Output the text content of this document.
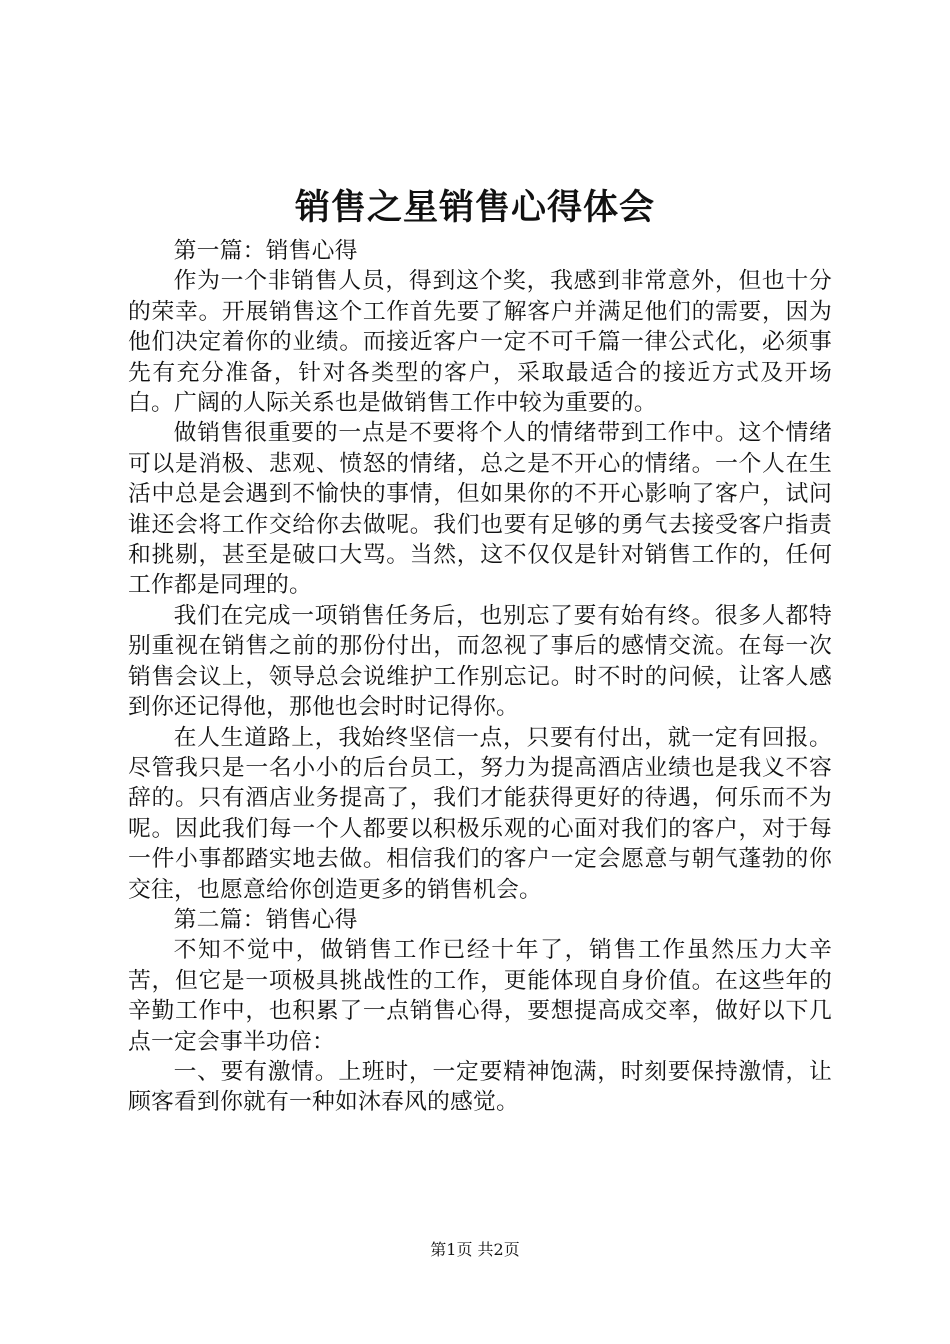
销售之星销售心得体会

第一篇：销售心得

作为一个非销售人员，得到这个奖，我感到非常意外，但也十分的荣幸。开展销售这个工作首先要了解客户并满足他们的需要，因为他们决定着你的业绩。而接近客户一定不可千篇一律公式化，必须事先有充分准备，针对各类型的客户，采取最适合的接近方式及开场白。广阔的人际关系也是做销售工作中较为重要的。

做销售很重要的一点是不要将个人的情绪带到工作中。这个情绪可以是消极、悲观、愤怒的情绪，总之是不开心的情绪。一个人在生活中总是会遇到不愉快的事情，但如果你的不开心影响了客户，试问谁还会将工作交给你去做呢。我们也要有足够的勇气去接受客户指责和挑剔，甚至是破口大骂。当然，这不仅仅是针对销售工作的，任何工作都是同理的。

我们在完成一项销售任务后，也别忘了要有始有终。很多人都特别重视在销售之前的那份付出，而忽视了事后的感情交流。在每一次销售会议上，领导总会说维护工作别忘记。时不时的问候，让客人感到你还记得他，那他也会时时记得你。

在人生道路上，我始终坚信一点，只要有付出，就一定有回报。尽管我只是一名小小的后台员工，努力为提高酒店业绩也是我义不容辞的。只有酒店业务提高了，我们才能获得更好的待遇，何乐而不为呢。因此我们每一个人都要以积极乐观的心面对我们的客户，对于每一件小事都踏实地去做。相信我们的客户一定会愿意与朝气蓬勃的你交往，也愿意给你创造更多的销售机会。

第二篇：销售心得

不知不觉中，做销售工作已经十年了，销售工作虽然压力大辛苦，但它是一项极具挑战性的工作，更能体现自身价值。在这些年的辛勤工作中，也积累了一点销售心得，要想提高成交率，做好以下几点一定会事半功倍：

一、要有激情。上班时，一定要精神饱满，时刻要保持激情，让顾客看到你就有一种如沐春风的感觉。

第1页 共2页
